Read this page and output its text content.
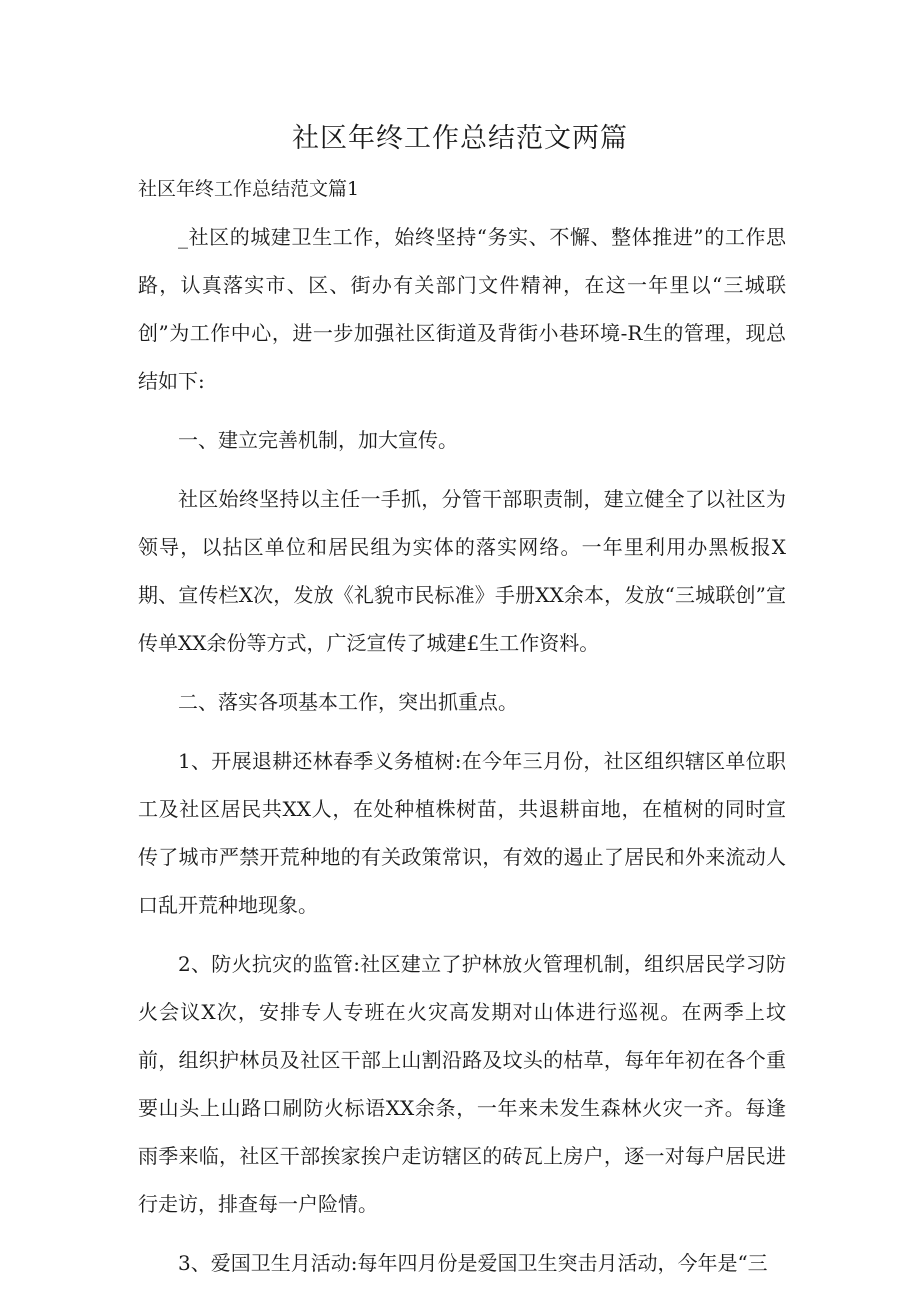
社区年终工作总结范文两篇

社区年终工作总结范文篇1

_社区的城建卫生工作，始终坚持“务实、不懈、整体推进”的工作思路，认真落实市、区、街办有关部门文件精神，在这一年里以“三城联创”为工作中心，进一步加强社区街道及背街小巷环境-R生的管理，现总结如下:

一、建立完善机制，加大宣传。

社区始终坚持以主任一手抓，分管干部职责制，建立健全了以社区为领导，以拈区单位和居民组为实体的落实网络。一年里利用办黑板报X期、宣传栏X次，发放《礼貌市民标准》手册XX余本，发放“三城联创”宣传单XX余份等方式，广泛宣传了城建£生工作资料。

二、落实各项基本工作，突出抓重点。

1、开展退耕还林春季义务植树:在今年三月份，社区组织辖区单位职工及社区居民共XX人，在处种植株树苗，共退耕亩地，在植树的同时宣传了城市严禁开荒种地的有关政策常识，有效的遏止了居民和外来流动人口乱开荒种地现象。

2、防火抗灾的监管:社区建立了护林放火管理机制，组织居民学习防火会议X次，安排专人专班在火灾高发期对山体进行巡视。在两季上坟前，组织护林员及社区干部上山割沿路及坟头的枯草，每年年初在各个重要山头上山路口刷防火标语XX余条，一年来未发生森林火灾一齐。每逢雨季来临，社区干部挨家挨户走访辖区的砖瓦上房户，逐一对每户居民进行走访，排查每一户险情。

3、爱国卫生月活动:每年四月份是爱国卫生突击月活动，今年是“三
